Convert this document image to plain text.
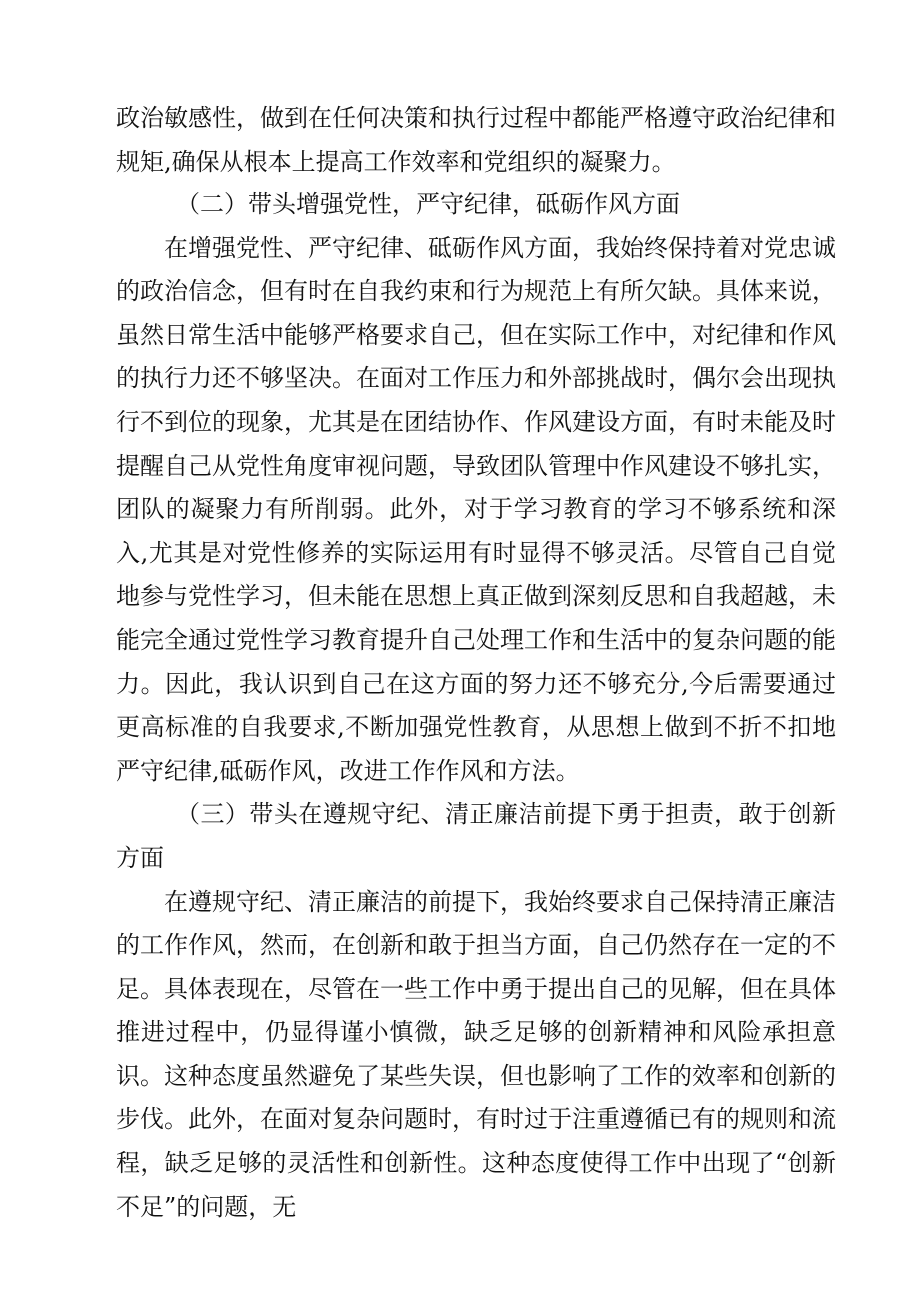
政治敏感性，做到在任何决策和执行过程中都能严格遵守政治纪律和规矩,确保从根本上提高工作效率和党组织的凝聚力。

（二）带头增强党性，严守纪律，砥砺作风方面

在增强党性、严守纪律、砥砺作风方面，我始终保持着对党忠诚的政治信念，但有时在自我约束和行为规范上有所欠缺。具体来说，虽然日常生活中能够严格要求自己，但在实际工作中，对纪律和作风的执行力还不够坚决。在面对工作压力和外部挑战时，偶尔会出现执行不到位的现象，尤其是在团结协作、作风建设方面，有时未能及时提醒自己从党性角度审视问题，导致团队管理中作风建设不够扎实，团队的凝聚力有所削弱。此外，对于学习教育的学习不够系统和深入,尤其是对党性修养的实际运用有时显得不够灵活。尽管自己自觉地参与党性学习，但未能在思想上真正做到深刻反思和自我超越，未能完全通过党性学习教育提升自己处理工作和生活中的复杂问题的能力。因此，我认识到自己在这方面的努力还不够充分,今后需要通过更高标准的自我要求,不断加强党性教育，从思想上做到不折不扣地严守纪律,砥砺作风，改进工作作风和方法。

（三）带头在遵规守纪、清正廉洁前提下勇于担责，敢于创新方面

在遵规守纪、清正廉洁的前提下，我始终要求自己保持清正廉洁的工作作风，然而，在创新和敢于担当方面，自己仍然存在一定的不足。具体表现在，尽管在一些工作中勇于提出自己的见解，但在具体推进过程中，仍显得谨小慎微，缺乏足够的创新精神和风险承担意识。这种态度虽然避免了某些失误，但也影响了工作的效率和创新的步伐。此外，在面对复杂问题时，有时过于注重遵循已有的规则和流程，缺乏足够的灵活性和创新性。这种态度使得工作中出现了“创新不足”的问题，无
